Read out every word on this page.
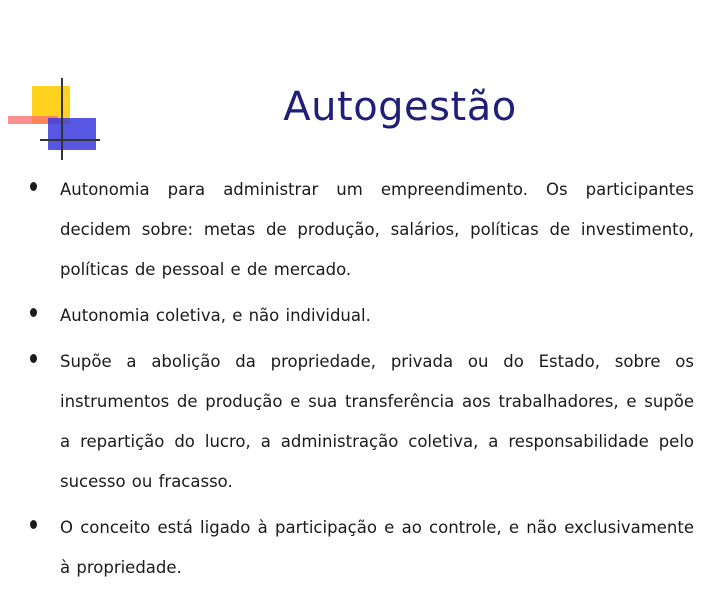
Autogestão
Autonomia para administrar um empreendimento. Os participantes decidem sobre: metas de produção, salários, políticas de investimento, políticas de pessoal e de mercado.
Autonomia coletiva, e não individual.
Supõe a abolição da propriedade, privada ou do Estado, sobre os instrumentos de produção e sua transferência aos trabalhadores, e supõe a repartição do lucro, a administração coletiva, a responsabilidade pelo sucesso ou fracasso.
O conceito está ligado à participação e ao controle, e não exclusivamente à propriedade.
